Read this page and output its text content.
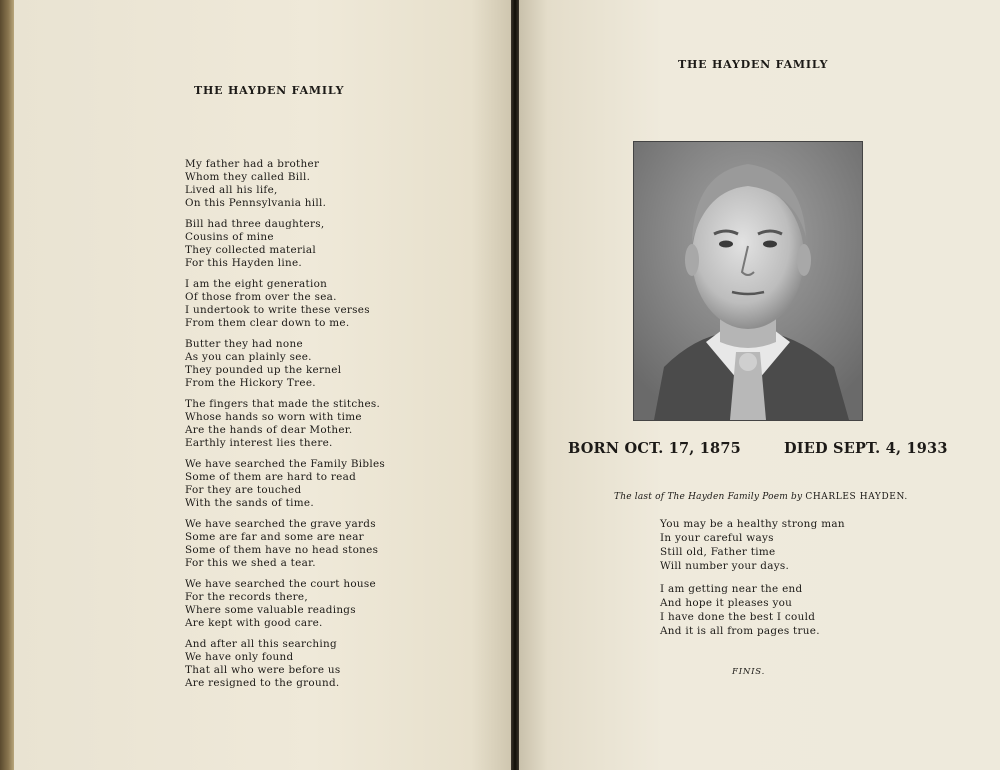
THE HAYDEN FAMILY
My father had a brother
Whom they called Bill.
Lived all his life,
On this Pennsylvania hill.
Bill had three daughters,
Cousins of mine
They collected material
For this Hayden line.
I am the eight generation
Of those from over the sea.
I undertook to write these verses
From them clear down to me.
Butter they had none
As you can plainly see.
They pounded up the kernel
From the Hickory Tree.
The fingers that made the stitches.
Whose hands so worn with time
Are the hands of dear Mother.
Earthly interest lies there.
We have searched the Family Bibles
Some of them are hard to read
For they are touched
With the sands of time.
We have searched the grave yards
Some are far and some are near
Some of them have no head stones
For this we shed a tear.
We have searched the court house
For the records there,
Where some valuable readings
Are kept with good care.
And after all this searching
We have only found
That all who were before us
Are resigned to the ground.
THE HAYDEN FAMILY
BORN OCT. 17, 1875	DIED SEPT. 4, 1933
The last of The Hayden Family Poem by CHARLES HAYDEN.
You may be a healthy strong man
In your careful ways
Still old, Father time
Will number your days.
I am getting near the end
And hope it pleases you
I have done the best I could
And it is all from pages true.
FINIS.
